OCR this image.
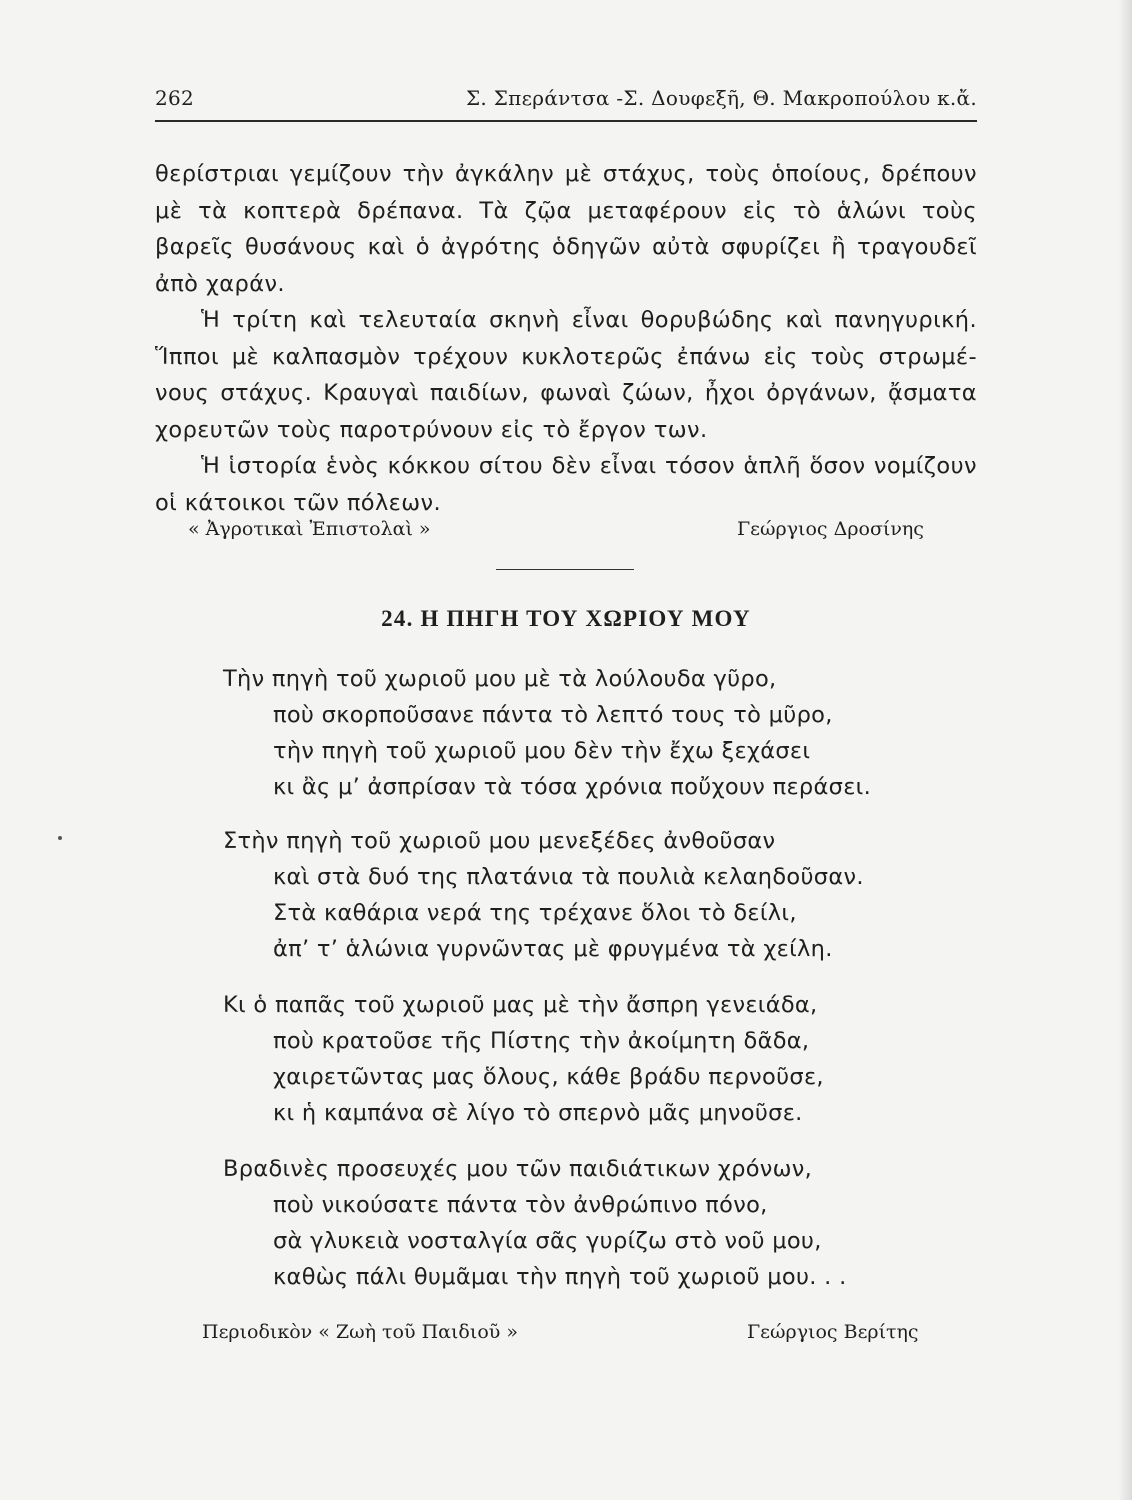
262	Σ. Σπεράντσα -Σ. Δουφεξῆ, Θ. Μακροπούλου κ.ἄ.
θερίστριαι γεμίζουν τὴν ἀγκάλην μὲ στάχυς, τοὺς ὁποίους, δρέπουν
μὲ τὰ κοπτερὰ δρέπανα. Τὰ ζῷα μεταφέρουν εἰς τὸ ἁλώνι τοὺς
βαρεῖς θυσάνους καὶ ὁ ἀγρότης ὁδηγῶν αὐτὰ σφυρίζει ἢ τραγουδεῖ
ἀπὸ χαράν.
Ἡ τρίτη καὶ τελευταία σκηνὴ εἶναι θορυβώδης καὶ πανηγυρική.
Ἵπποι μὲ καλπασμὸν τρέχουν κυκλοτερῶς ἐπάνω εἰς τοὺς στρωμέ-
νους στάχυς. Κραυγαὶ παιδίων, φωναὶ ζώων, ἦχοι ὀργάνων, ᾄσματα
χορευτῶν τοὺς παροτρύνουν εἰς τὸ ἔργον των.
Ἡ ἱστορία ἑνὸς κόκκου σίτου δὲν εἶναι τόσον ἁπλῆ ὅσον νομίζουν
οἱ κάτοικοι τῶν πόλεων.
« Ἀγροτικαὶ Ἐπιστολαὶ »	Γεώργιος Δροσίνης
24. Η ΠΗΓΗ ΤΟΥ ΧΩΡΙΟΥ ΜΟΥ
Τὴν πηγὴ τοῦ χωριοῦ μου μὲ τὰ λούλουδα γῦρο,
ποὺ σκορποῦσανε πάντα τὸ λεπτό τους τὸ μῦρο,
τὴν πηγὴ τοῦ χωριοῦ μου δὲν τὴν ἔχω ξεχάσει
κι ἂς μ’ ἀσπρίσαν τὰ τόσα χρόνια ποὔχουν περάσει.
Στὴν πηγὴ τοῦ χωριοῦ μου μενεξέδες ἀνθοῦσαν
καὶ στὰ δυό της πλατάνια τὰ πουλιὰ κελαηδοῦσαν.
Στὰ καθάρια νερά της τρέχανε ὅλοι τὸ δείλι,
ἀπ’ τ’ ἁλώνια γυρνῶντας μὲ φρυγμένα τὰ χείλη.
Κι ὁ παπᾶς τοῦ χωριοῦ μας μὲ τὴν ἄσπρη γενειάδα,
ποὺ κρατοῦσε τῆς Πίστης τὴν ἀκοίμητη δᾶδα,
χαιρετῶντας μας ὅλους, κάθε βράδυ περνοῦσε,
κι ἡ καμπάνα σὲ λίγο τὸ σπερνὸ μᾶς μηνοῦσε.
Βραδινὲς προσευχές μου τῶν παιδιάτικων χρόνων,
ποὺ νικούσατε πάντα τὸν ἀνθρώπινο πόνο,
σὰ γλυκειὰ νοσταλγία σᾶς γυρίζω στὸ νοῦ μου,
καθὼς πάλι θυμᾶμαι τὴν πηγὴ τοῦ χωριοῦ μου. . .
Περιοδικὸν « Ζωὴ τοῦ Παιδιοῦ »	Γεώργιος Βερίτης
